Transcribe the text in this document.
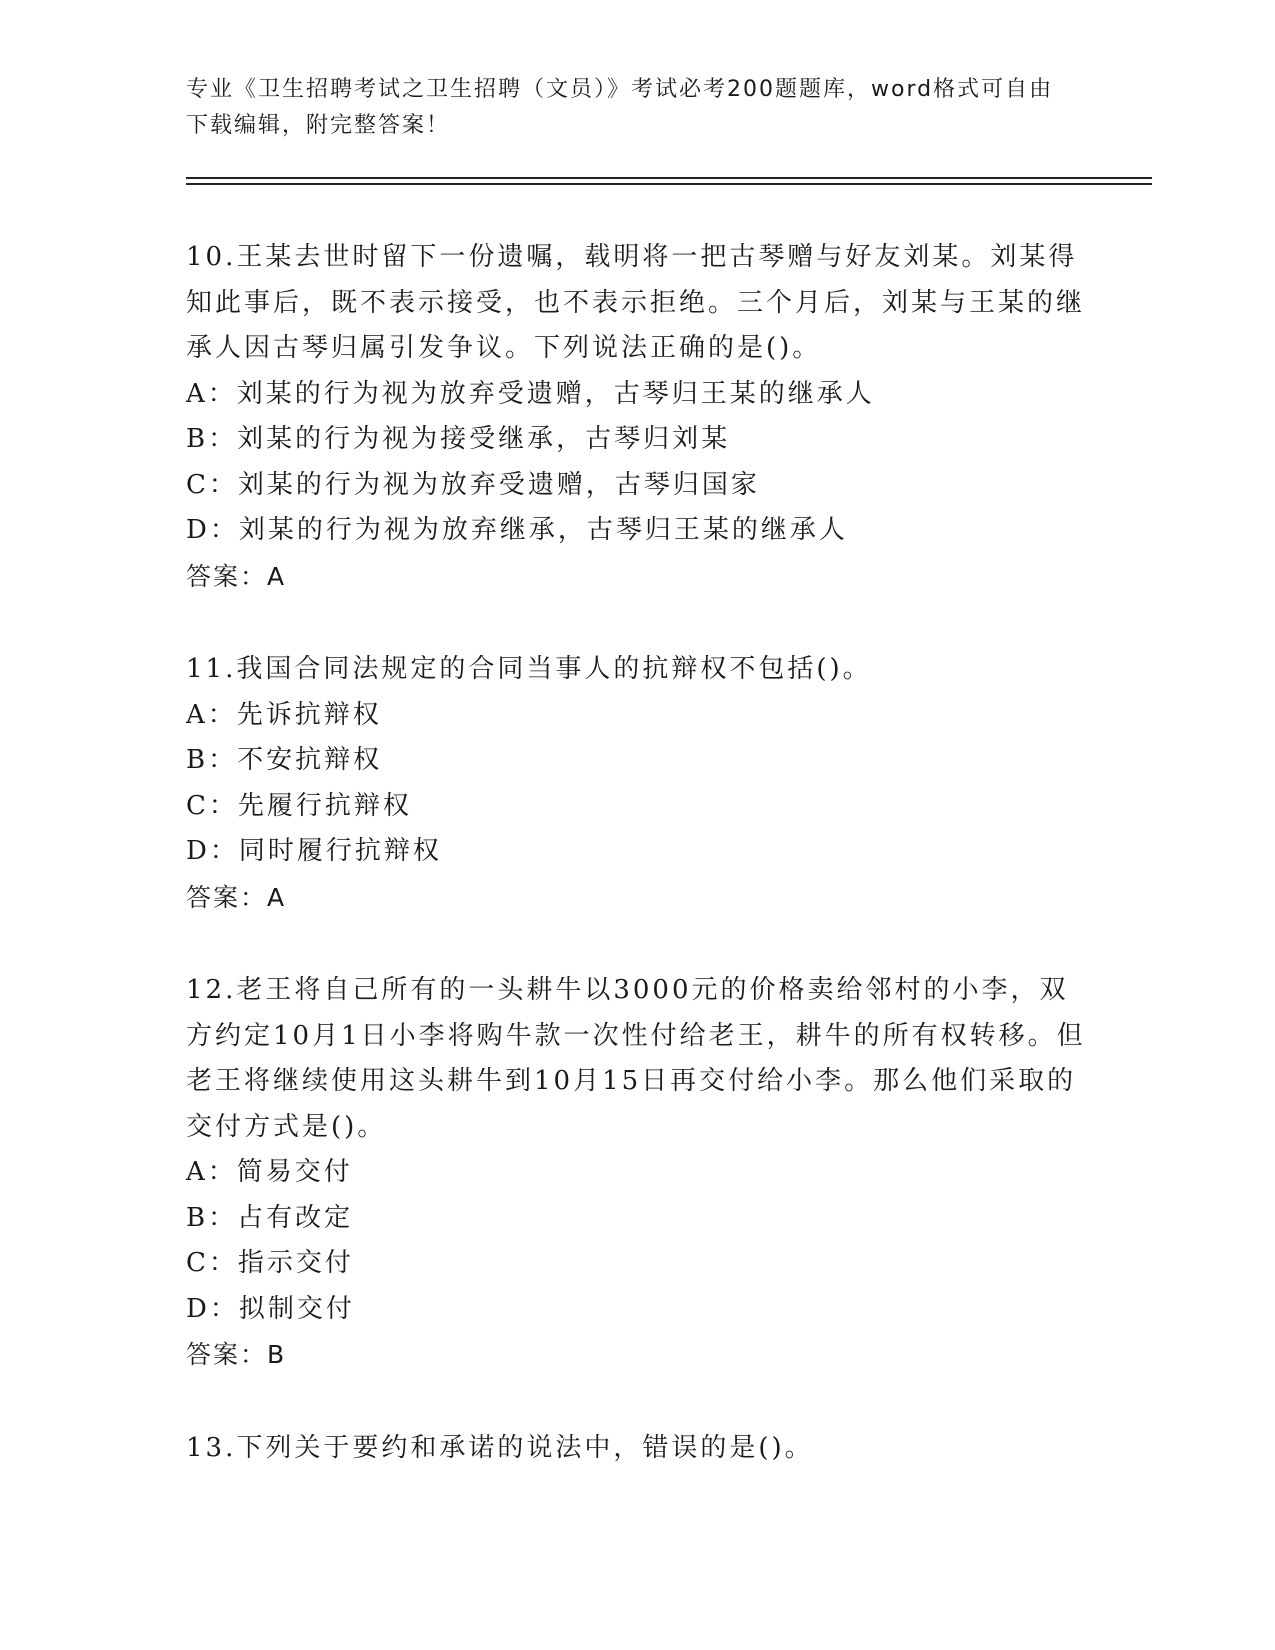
专业《卫生招聘考试之卫生招聘（文员）》考试必考200题题库，word格式可自由下载编辑，附完整答案！

10.王某去世时留下一份遗嘱，载明将一把古琴赠与好友刘某。刘某得知此事后，既不表示接受，也不表示拒绝。三个月后，刘某与王某的继承人因古琴归属引发争议。下列说法正确的是()。

A：刘某的行为视为放弃受遗赠，古琴归王某的继承人

B：刘某的行为视为接受继承，古琴归刘某

C：刘某的行为视为放弃受遗赠，古琴归国家

D：刘某的行为视为放弃继承，古琴归王某的继承人

答案：A

11.我国合同法规定的合同当事人的抗辩权不包括()。

A：先诉抗辩权

B：不安抗辩权

C：先履行抗辩权

D：同时履行抗辩权

答案：A

12.老王将自己所有的一头耕牛以3000元的价格卖给邻村的小李，双方约定10月1日小李将购牛款一次性付给老王，耕牛的所有权转移。但老王将继续使用这头耕牛到10月15日再交付给小李。那么他们采取的交付方式是()。

A：简易交付

B：占有改定

C：指示交付

D：拟制交付

答案：B

13.下列关于要约和承诺的说法中，错误的是()。
